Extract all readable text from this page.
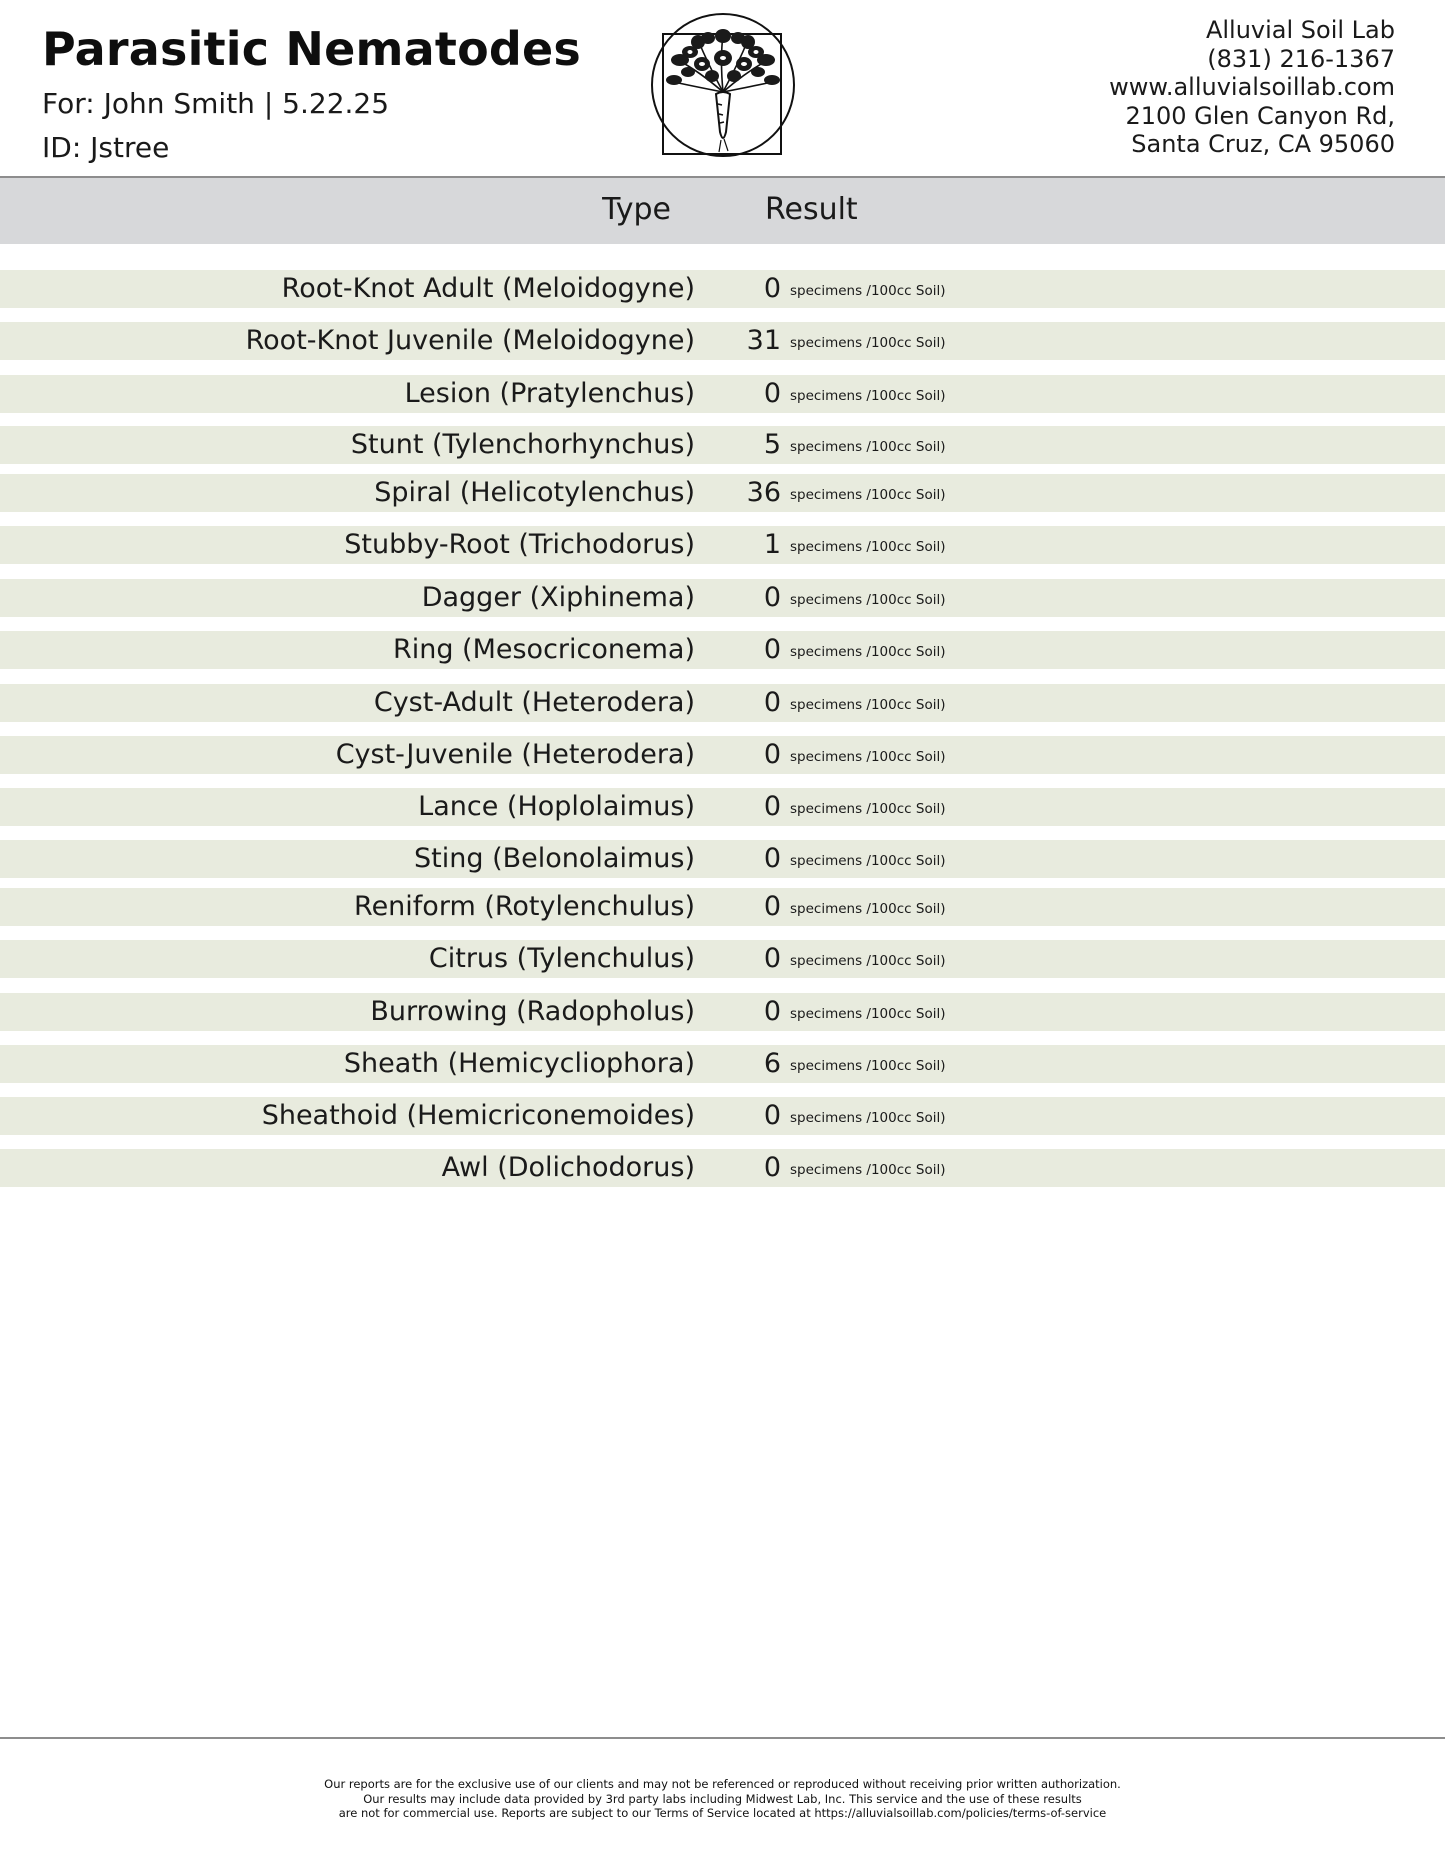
Parasitic Nematodes
For: John Smith | 5.22.25
ID: Jstree
Alluvial Soil Lab
(831) 216-1367
www.alluvialsoillab.com
2100 Glen Canyon Rd,
Santa Cruz, CA 95060
Type	Result
Root-Knot Adult (Meloidogyne)	0 specimens /100cc Soil)
Root-Knot Juvenile (Meloidogyne) 31 specimens /100cc Soil)
Lesion (Pratylenchus)	0 specimens /100cc Soil)
Stunt (Tylenchorhynchus)	5 specimens /100cc Soil)
Spiral (Helicotylenchus) 36 specimens /100cc Soil)
Stubby-Root (Trichodorus)	1 specimens /100cc Soil)
Dagger (Xiphinema)	0 specimens /100cc Soil)
Ring (Mesocriconema)	0 specimens /100cc Soil)
Cyst-Adult (Heterodera)	0 specimens /100cc Soil)
Cyst-Juvenile (Heterodera)	0 specimens /100cc Soil)
Lance (Hoplolaimus)	0 specimens /100cc Soil)
Sting (Belonolaimus)	0 specimens /100cc Soil)
Reniform (Rotylenchulus)	0 specimens /100cc Soil)
Citrus (Tylenchulus)	0 specimens /100cc Soil)
Burrowing (Radopholus)	0 specimens /100cc Soil)
Sheath (Hemicycliophora)	6 specimens /100cc Soil)
Sheathoid (Hemicriconemoides)	0 specimens /100cc Soil)
Awl (Dolichodorus)	0 specimens /100cc Soil)
Our reports are for the exclusive use of our clients and may not be referenced or reproduced without receiving prior written authorization.
Our results may include data provided by 3rd party labs including Midwest Lab, Inc. This service and the use of these results
are not for commercial use. Reports are subject to our Terms of Service located at https://alluvialsoillab.com/policies/terms-of-service
